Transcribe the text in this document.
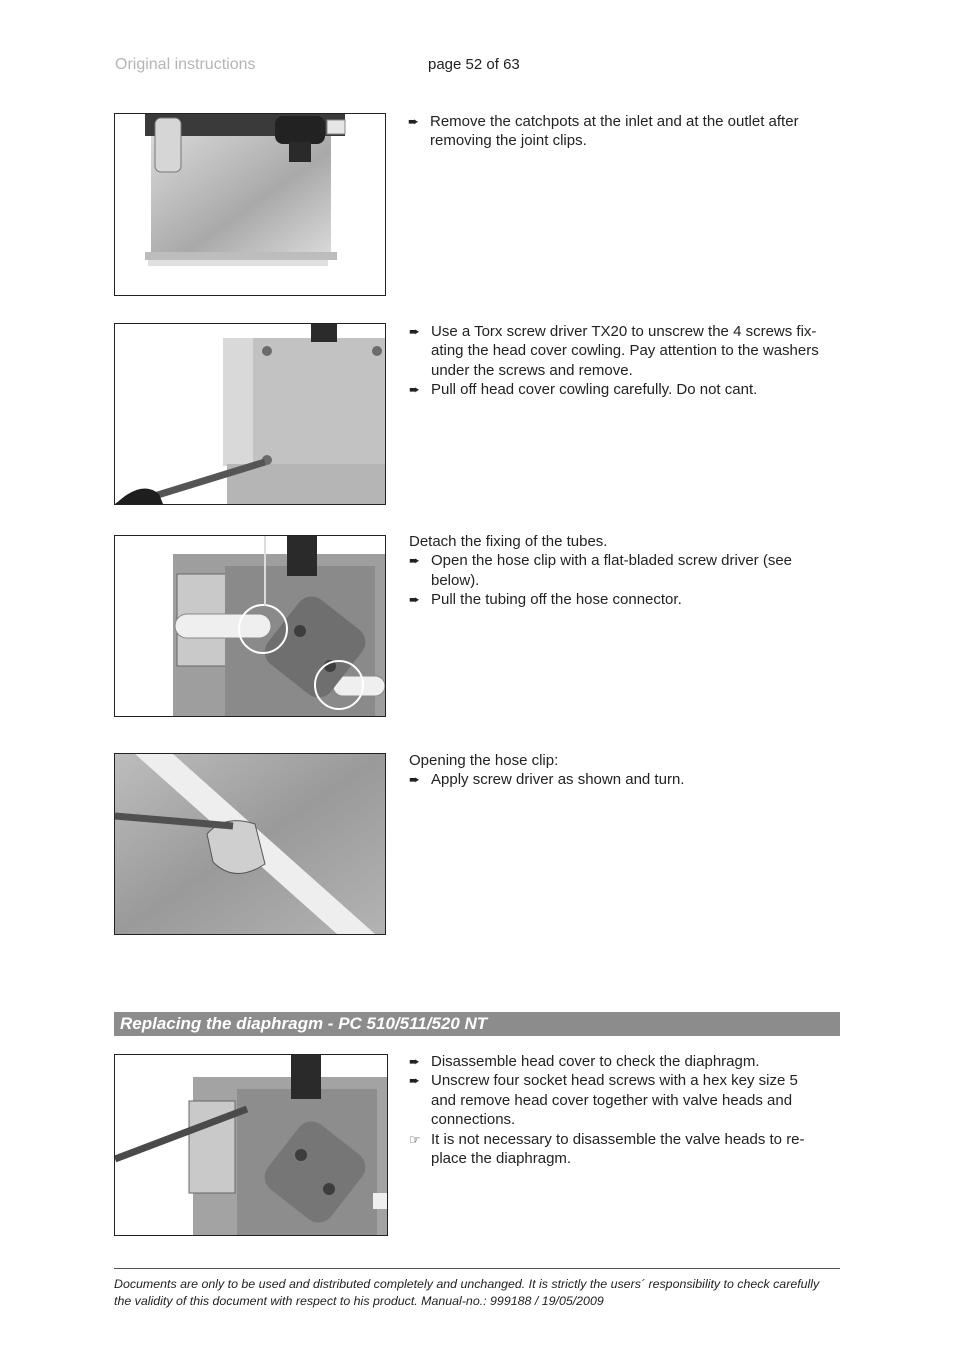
Original instructions	page 52 of 63
➨ Remove the catchpots at the inlet and at the outlet after
removing the joint clips.
➨ Use a Torx screw driver TX20 to unscrew the 4 screws fix-
ating the head cover cowling. Pay attention to the washers
under the screws and remove.
➨ Pull off head cover cowling carefully. Do not cant.
Detach the fixing of the tubes.
➨ Open the hose clip with a flat-bladed screw driver (see
below).
➨ Pull the tubing off the hose connector.
Opening the hose clip:
➨ Apply screw driver as shown and turn.
Replacing the diaphragm - PC 510/511/520 NT
➨ Disassemble head cover to check the diaphragm.
➨ Unscrew four socket head screws with a hex key size 5
and remove head cover together with valve heads and
connections.
☞ It is not necessary to disassemble the valve heads to re-
place the diaphragm.
Documents are only to be used and distributed completely and unchanged. It is strictly the users´ responsibility to check carefully
the validity of this document with respect to his product. Manual-no.: 999188 / 19/05/2009
